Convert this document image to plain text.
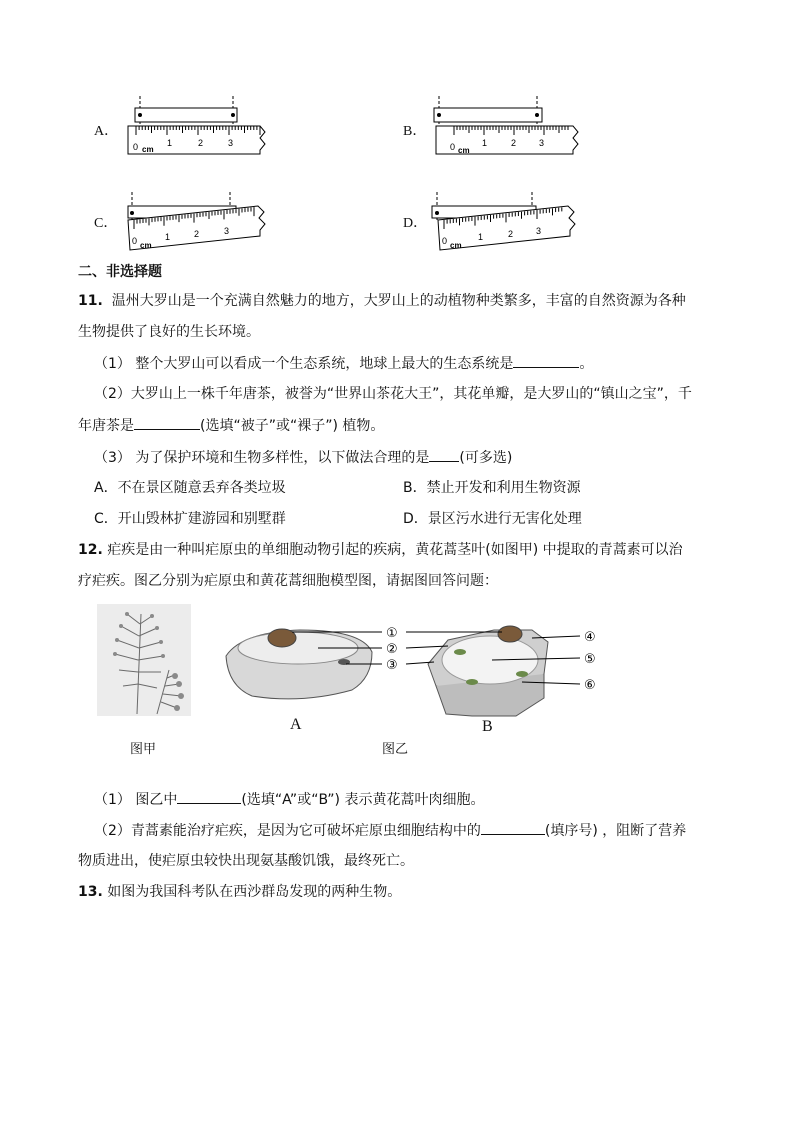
A．
0 cm
1	2	3
B．
0 cm
1	2	3
C．
0 cm
1	2	3	D．
0 cm
1	2	3
二、非选择题
11. 温州大罗山是一个充满自然魅力的地方，大罗山上的动植物种类繁多，丰富的自然资源为各种
生物提供了良好的生长环境。
（1） 整个大罗山可以看成一个生态系统，地球上最大的生态系统是	。
（2）大罗山上一株千年唐茶，被誉为“世界山茶花大王”，其花单瓣，是大罗山的“镇山之宝”，千
年唐茶是	(选填“被子”或“裸子”) 植物。
（3） 为了保护环境和生物多样性，以下做法合理的是 (可多选)
A．不在景区随意丢弃各类垃圾	B．禁止开发和利用生物资源
C．开山毁林扩建游园和别墅群	D．景区污水进行无害化处理
12. 疟疾是由一种叫疟原虫的单细胞动物引起的疾病，黄花蒿茎叶(如图甲) 中提取的青蒿素可以治
疗疟疾。图乙分别为疟原虫和黄花蒿细胞模型图，请据图回答问题：
①
②
③
④
⑤
⑥
A	B
图甲	图乙
（1） 图乙中	(选填“A”或“B”) 表示黄花蒿叶肉细胞。
（2）青蒿素能治疗疟疾，是因为它可破坏疟原虫细胞结构中的	(填序号) ，阻断了营养
物质进出，使疟原虫较快出现氨基酸饥饿，最终死亡。
13. 如图为我国科考队在西沙群岛发现的两种生物。
